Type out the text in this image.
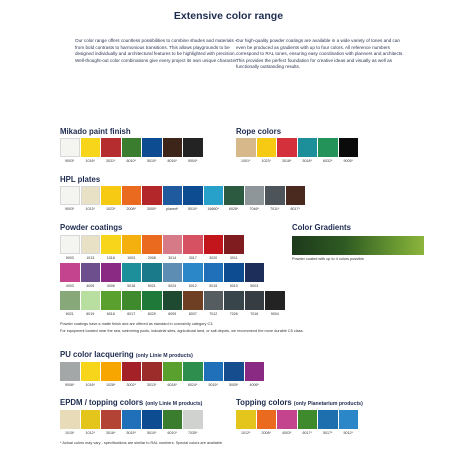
Extensive color range
Our color range offers countless possibilities to combine shades and materials – from bold contrasts to harmonious transitions. This allows playgrounds to be designed individually and architectural features to be highlighted with precision. Well-thought-out color combinations give every project its own unique character.
Our high-quality powder coatings are available in a wide variety of tones and can even be produced as gradients with up to four colors. All reference numbers correspond to RAL tones, ensuring easy coordination with planners and architects. This provides the perfect foundation for creative ideas and visually as well as functionally outstanding results.
Mikado paint finish
9003*	1018*	3031*	6010*	5010*	8016*	9004*
Rope colors
1001*	1023*	3018*	5018*	6032*	9005*
HPL plates
9003*	1013*	1023*	2008*	3000*	planed*	5010*	16660*	6028*	7046*	7011*	8017*
Powder coatings
9003	1013	1018	1003	2008	3014	3017	3020	3011
4003	4005	4006	5018	5021	5024	5012	5015	5010	5003
6021	6019	6018	6017	6029	6005	8007	7012	7026	7016	9004
Color Gradients
Powder coated with up to 4 colors possible
Powder coatings have a matte finish and are offered as standard in corrosivity category C3.
For equipment located near the sea, swimming pools, industrial sites, agricultural land, or salt depots, we recommend the more durable C5 class.
PU color lacquering (only Linie M products)
9006*	1018*	1028*	3002*	3013*	6018*	6024*	5015*	5005*	4006*
EPDM / topping colors (only Linie M products)
1015*	1012*	3016*	5015*	5010*	6010*	7035*
Topping colors (only Planetarium products)
1012*	2008*	4003*	6017*	5017*	5012*
* Actual colors may vary - specifications are similar to RAL numbers. Special colors are available.
